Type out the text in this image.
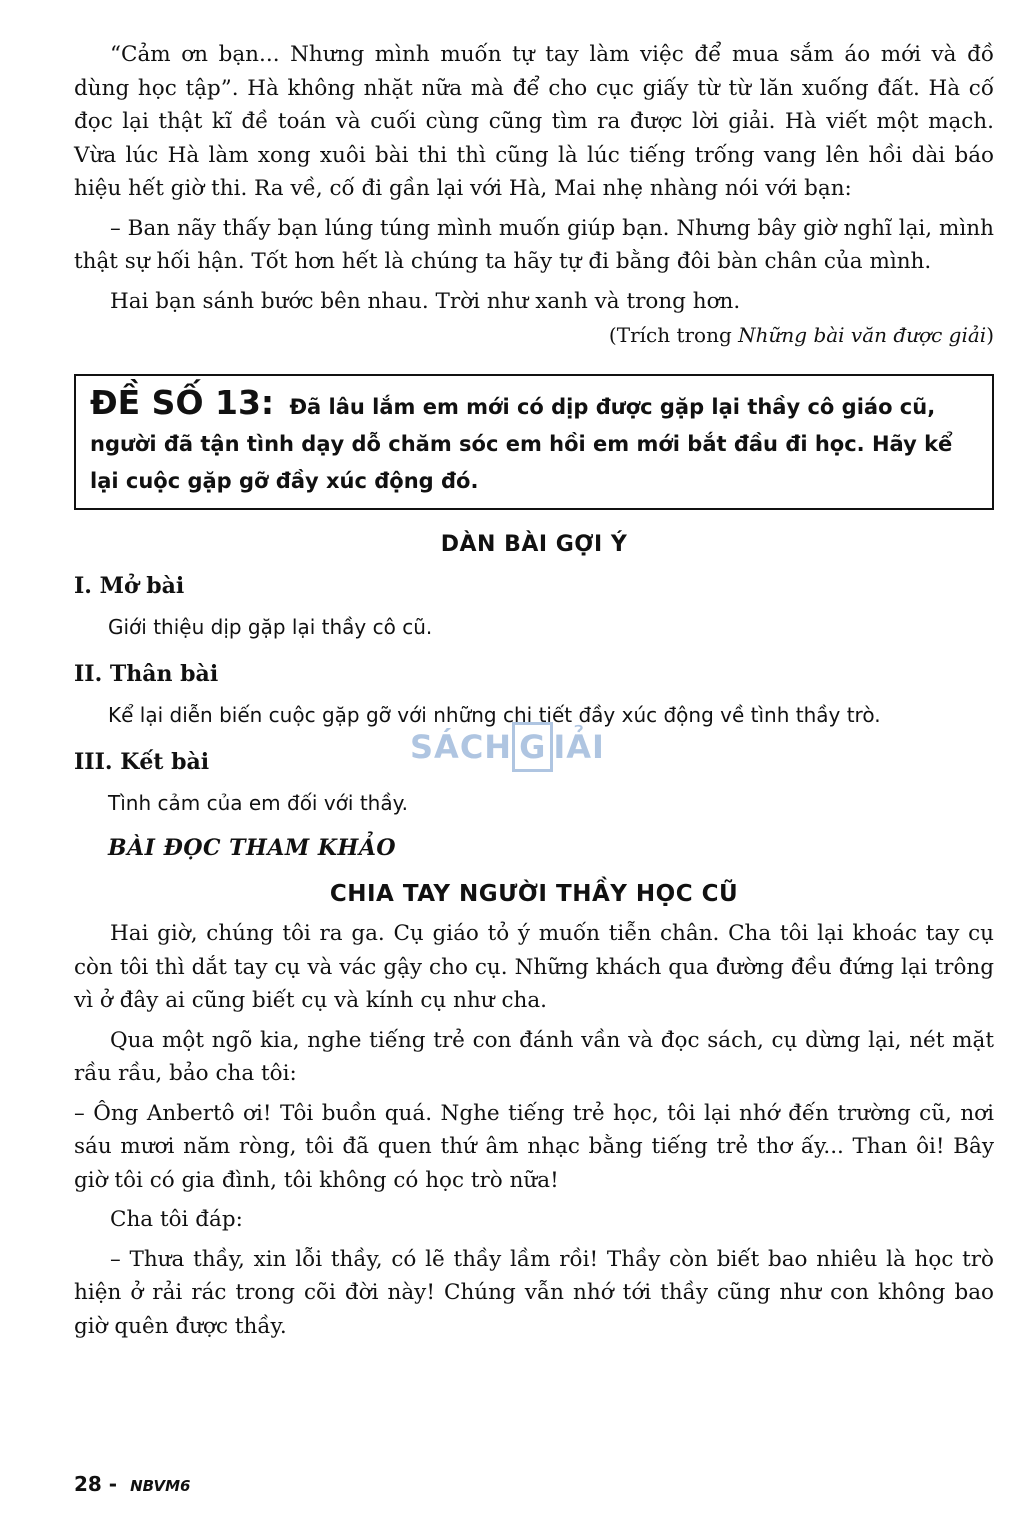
“Cảm ơn bạn... Nhưng mình muốn tự tay làm việc để mua sắm áo mới và đồ dùng học tập”. Hà không nhặt nữa mà để cho cục giấy từ từ lăn xuống đất. Hà cố đọc lại thật kĩ đề toán và cuối cùng cũng tìm ra được lời giải. Hà viết một mạch. Vừa lúc Hà làm xong xuôi bài thi thì cũng là lúc tiếng trống vang lên hồi dài báo hiệu hết giờ thi. Ra về, cố đi gần lại với Hà, Mai nhẹ nhàng nói với bạn:

– Ban nãy thấy bạn lúng túng mình muốn giúp bạn. Nhưng bây giờ nghĩ lại, mình thật sự hối hận. Tốt hơn hết là chúng ta hãy tự đi bằng đôi bàn chân của mình.

Hai bạn sánh bước bên nhau. Trời như xanh và trong hơn.

(Trích trong Những bài văn được giải)
ĐỀ SỐ 13: Đã lâu lắm em mới có dịp được gặp lại thầy cô giáo cũ, người đã tận tình dạy dỗ chăm sóc em hồi em mới bắt đầu đi học. Hãy kể lại cuộc gặp gỡ đầy xúc động đó.
DÀN BÀI GỢI Ý
I. Mở bài
Giới thiệu dịp gặp lại thầy cô cũ.
II. Thân bài
Kể lại diễn biến cuộc gặp gỡ với những chi tiết đầy xúc động về tình thầy trò.
III. Kết bài
Tình cảm của em đối với thầy.
BÀI ĐỌC THAM KHẢO
CHIA TAY NGƯỜI THẦY HỌC CŨ

Hai giờ, chúng tôi ra ga. Cụ giáo tỏ ý muốn tiễn chân. Cha tôi lại khoác tay cụ còn tôi thì dắt tay cụ và vác gậy cho cụ. Những khách qua đường đều đứng lại trông vì ở đây ai cũng biết cụ và kính cụ như cha.

Qua một ngõ kia, nghe tiếng trẻ con đánh vần và đọc sách, cụ dừng lại, nét mặt rầu rầu, bảo cha tôi:

– Ông Anbertô ơi! Tôi buồn quá. Nghe tiếng trẻ học, tôi lại nhớ đến trường cũ, nơi sáu mươi năm ròng, tôi đã quen thứ âm nhạc bằng tiếng trẻ thơ ấy... Than ôi! Bây giờ tôi có gia đình, tôi không có học trò nữa!

Cha tôi đáp:

– Thưa thầy, xin lỗi thầy, có lẽ thầy lầm rồi! Thầy còn biết bao nhiêu là học trò hiện ở rải rác trong cõi đời này! Chúng vẫn nhớ tới thầy cũng như con không bao giờ quên được thầy.

SÁCH G IẢI
28 - NBVM6
